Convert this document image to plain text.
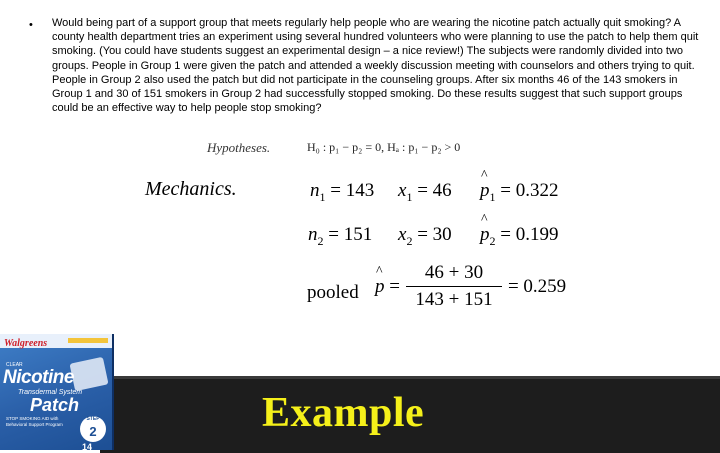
• Would being part of a support group that meets regularly help people who are wearing the nicotine patch actually quit smoking? A county health department tries an experiment using several hundred volunteers who were planning to use the patch to help them quit smoking. (You could have students suggest an experimental design – a nice review!) The subjects were randomly divided into two groups. People in Group 1 were given the patch and attended a weekly discussion meeting with counselors and others trying to quit. People in Group 2 also used the patch but did not participate in the counseling groups. After six months 46 of the 143 smokers in Group 1 and 30 of 151 smokers in Group 2 had successfully stopped smoking. Do these results suggest that such support groups could be an effective way to help people stop smoking?

Hypotheses.	H₀ : p₁ − p₂ = 0, Hₐ : p₁ − p₂ > 0
Mechanics.	$n_1 = 143$ $x_1 = 46$ ^ $p_1 = 0.322$
$n_2 = 151$ $x_2 = 30$ ^ $p_2 = 0.199$
pooled ^ $p = \frac{46 + 30}{143 + 151} = 0.259$
Example
Walgreens
CLEAR
Nicotine
Transdermal System
Patch
STOP SMOKING AID with Behavioral Support Program
STEP
2
14
